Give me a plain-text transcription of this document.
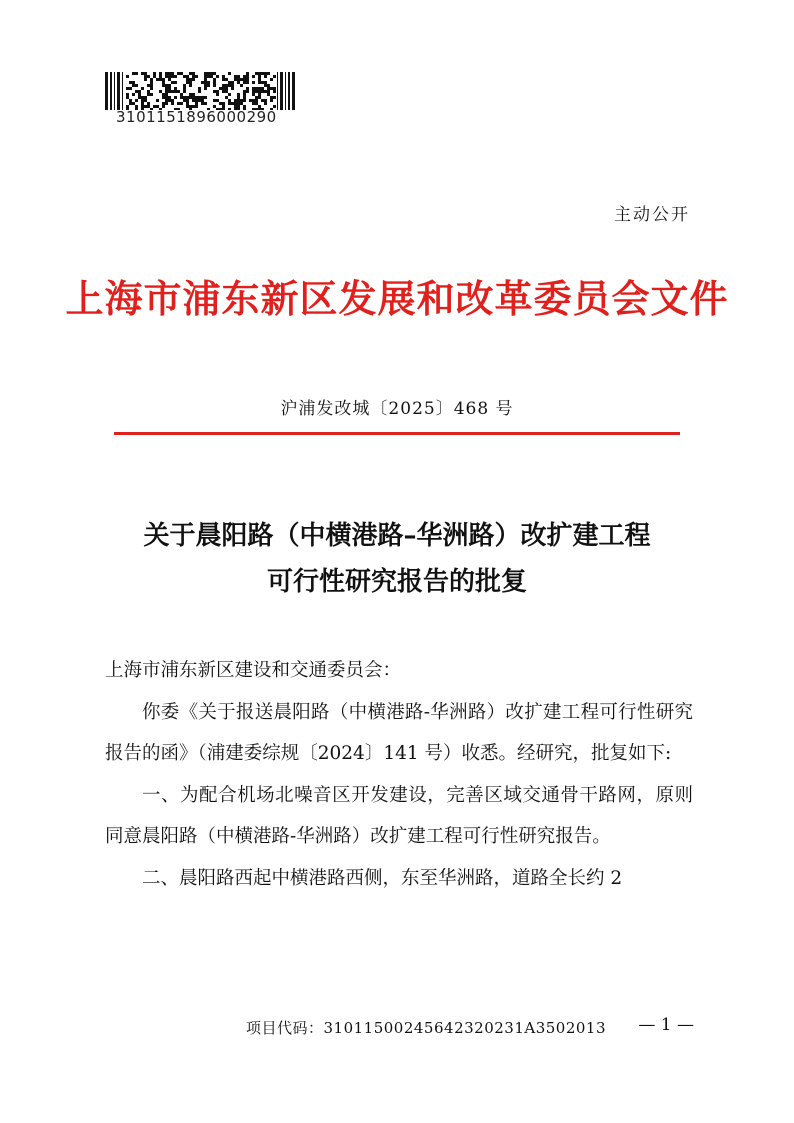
3101151896000290
主动公开
上海市浦东新区发展和改革委员会文件
沪浦发改城〔2025〕468 号
关于晨阳路（中横港路–华洲路）改扩建工程
可行性研究报告的批复

上海市浦东新区建设和交通委员会：

你委《关于报送晨阳路（中横港路-华洲路）改扩建工程可行性研究报告的函》（浦建委综规〔2024〕141 号）收悉。经研究，批复如下:

一、为配合机场北噪音区开发建设，完善区域交通骨干路网，原则同意晨阳路（中横港路-华洲路）改扩建工程可行性研究报告。

二、晨阳路西起中横港路西侧，东至华洲路，道路全长约 2

项目代码：31011500245642320231A3502013 — 1 —
